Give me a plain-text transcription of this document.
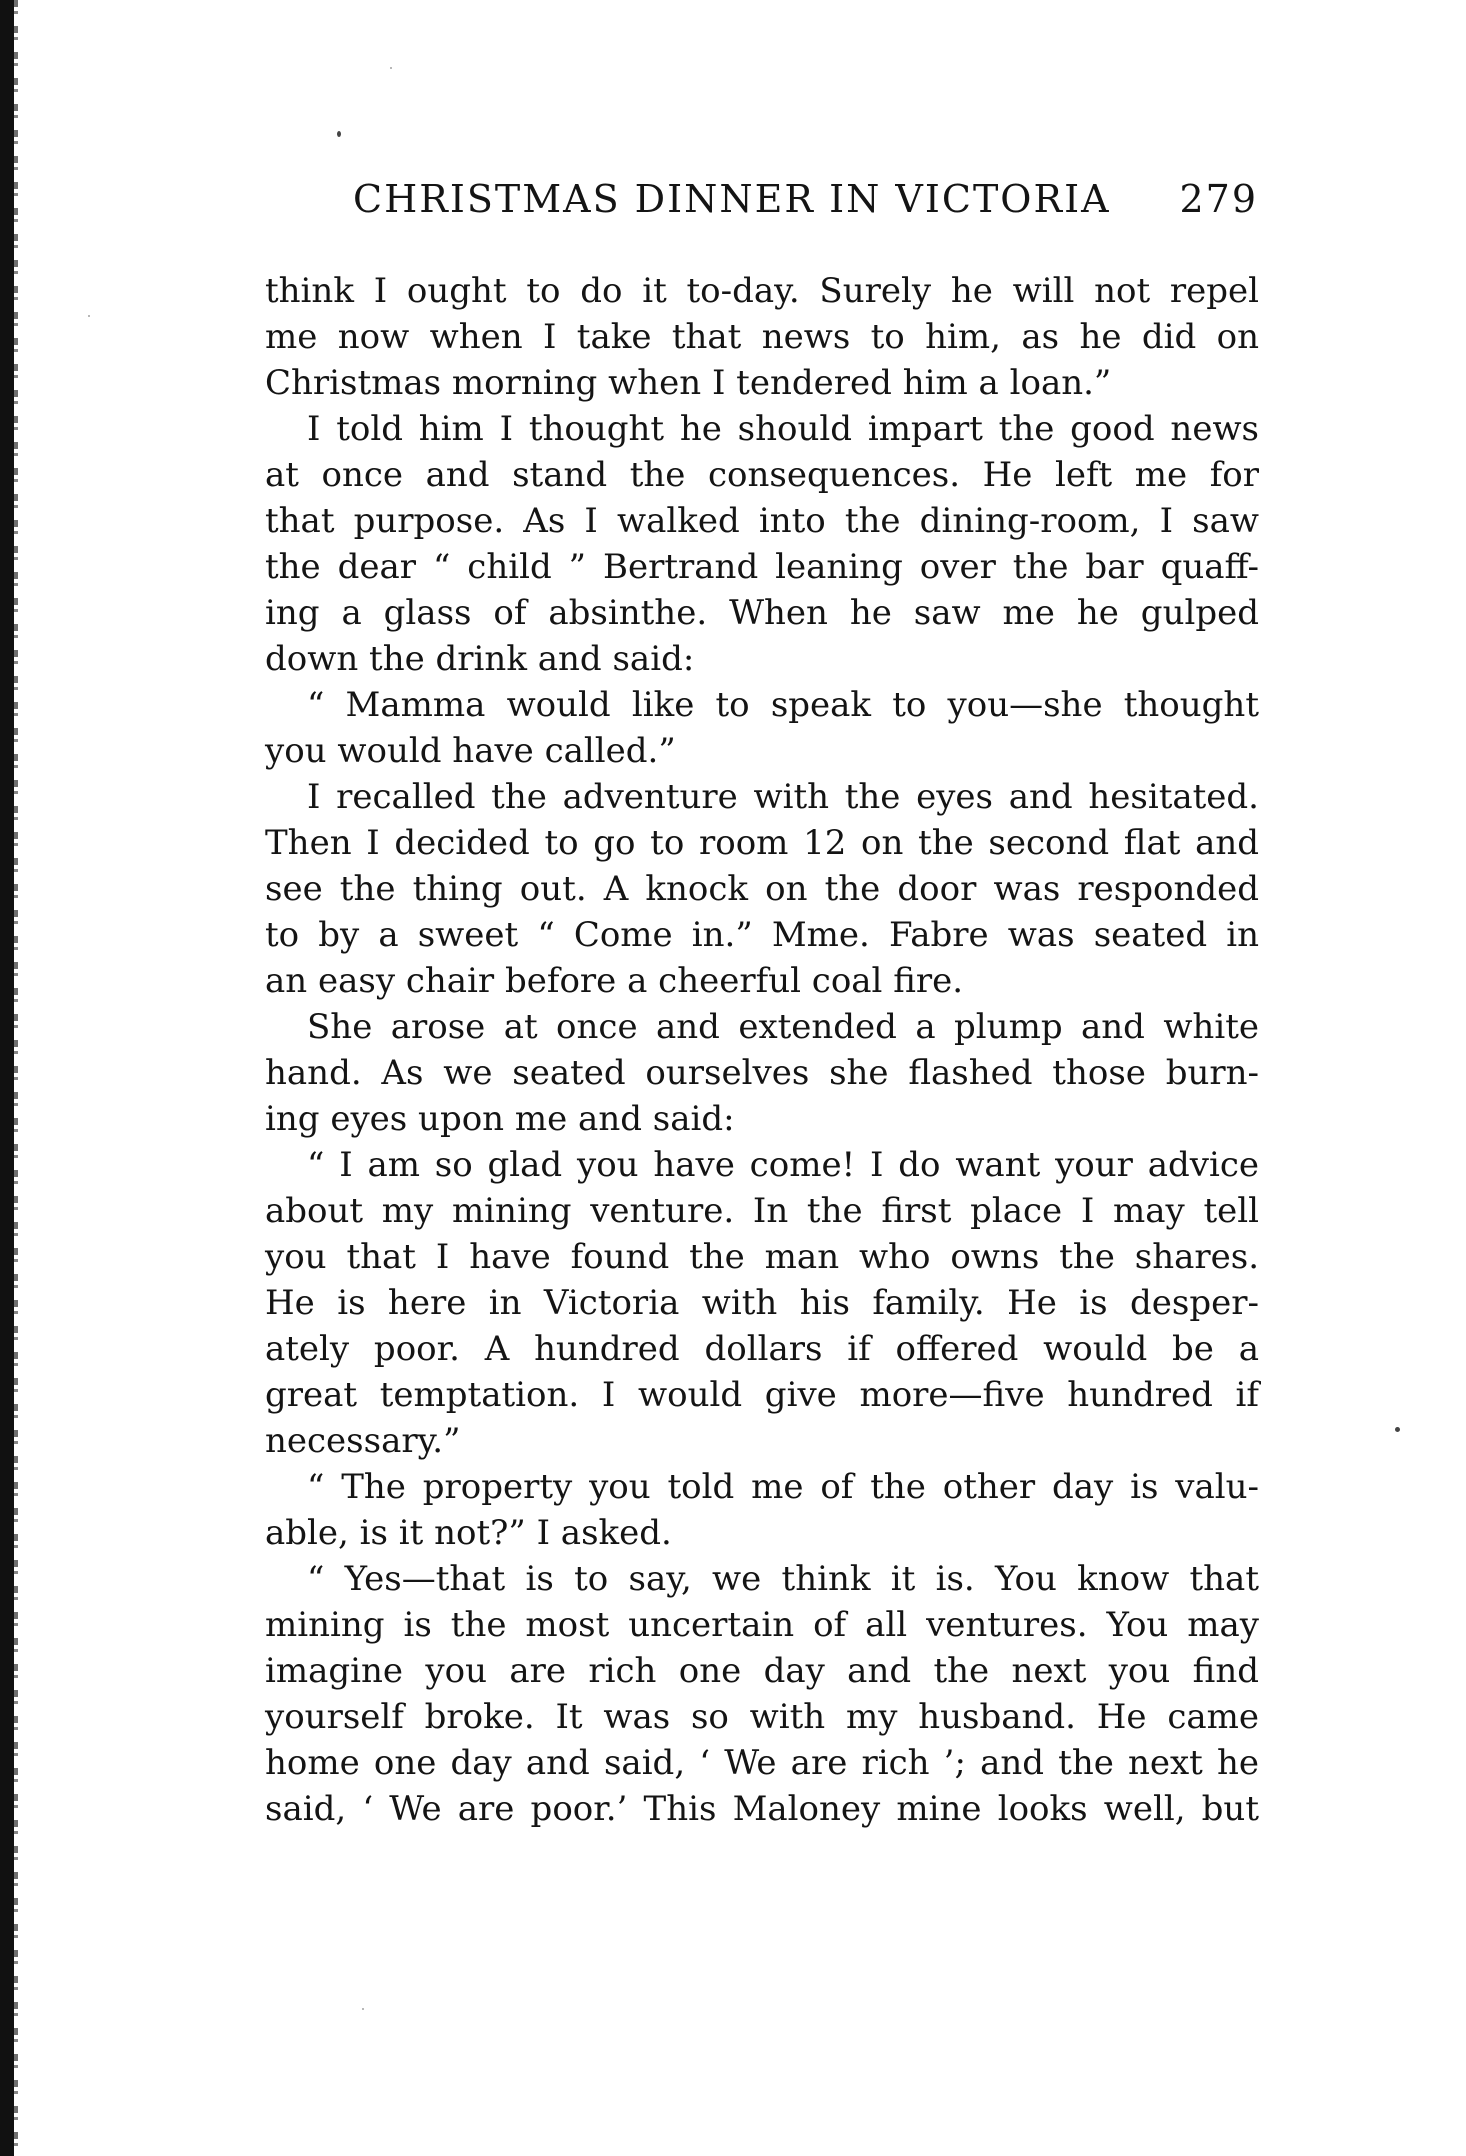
CHRISTMAS DINNER IN VICTORIA 279
think I ought to do it to-day. Surely he will not repel
me now when I take that news to him, as he did on
Christmas morning when I tendered him a loan.”
I told him I thought he should impart the good news
at once and stand the consequences. He left me for
that purpose. As I walked into the dining-room, I saw
the dear “ child ” Bertrand leaning over the bar quaff-
ing a glass of absinthe. When he saw me he gulped
down the drink and said:
“ Mamma would like to speak to you—she thought
you would have called.”
I recalled the adventure with the eyes and hesitated.
Then I decided to go to room 12 on the second flat and
see the thing out. A knock on the door was responded
to by a sweet “ Come in.” Mme. Fabre was seated in
an easy chair before a cheerful coal fire.
She arose at once and extended a plump and white
hand. As we seated ourselves she flashed those burn-
ing eyes upon me and said:
“ I am so glad you have come! I do want your advice
about my mining venture. In the first place I may tell
you that I have found the man who owns the shares.
He is here in Victoria with his family. He is desper-
ately poor. A hundred dollars if offered would be a
great temptation. I would give more—five hundred if
necessary.”
“ The property you told me of the other day is valu-
able, is it not?” I asked.
“ Yes—that is to say, we think it is. You know that
mining is the most uncertain of all ventures. You may
imagine you are rich one day and the next you find
yourself broke. It was so with my husband. He came
home one day and said, ‘ We are rich ’; and the next he
said, ‘ We are poor.’ This Maloney mine looks well, but
